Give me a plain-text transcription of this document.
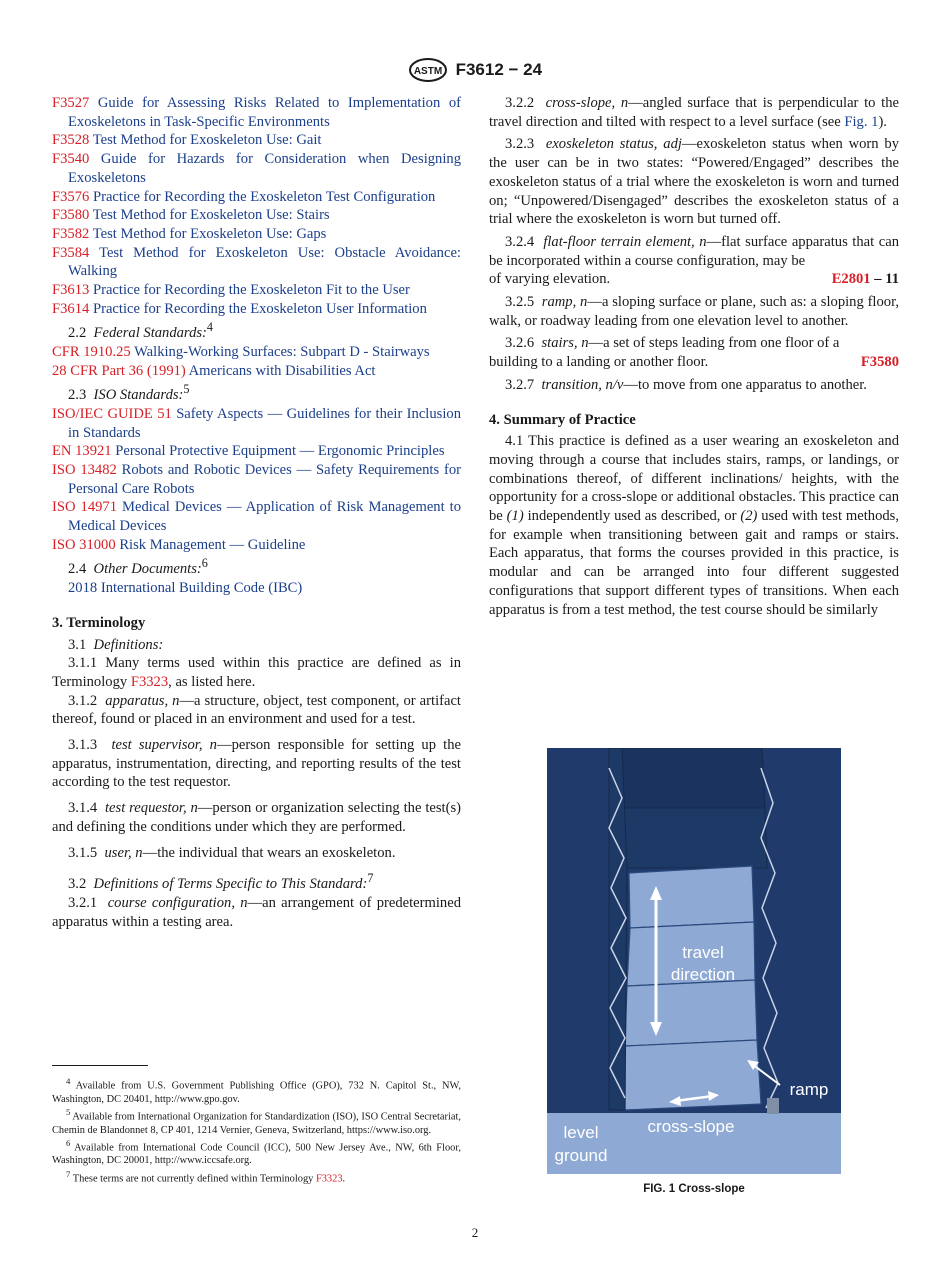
ASTM F3612 − 24
F3527 Guide for Assessing Risks Related to Implementation of Exoskeletons in Task-Specific Environments
F3528 Test Method for Exoskeleton Use: Gait
F3540 Guide for Hazards for Consideration when Designing Exoskeletons
F3576 Practice for Recording the Exoskeleton Test Configuration
F3580 Test Method for Exoskeleton Use: Stairs
F3582 Test Method for Exoskeleton Use: Gaps
F3584 Test Method for Exoskeleton Use: Obstacle Avoidance: Walking
F3613 Practice for Recording the Exoskeleton Fit to the User
F3614 Practice for Recording the Exoskeleton User Information
2.2 Federal Standards:$^4$
CFR 1910.25 Walking-Working Surfaces: Subpart D - Stairways
28 CFR Part 36 (1991) Americans with Disabilities Act
2.3 ISO Standards:$^5$
ISO/IEC GUIDE 51 Safety Aspects — Guidelines for their Inclusion in Standards
EN 13921 Personal Protective Equipment — Ergonomic Principles
ISO 13482 Robots and Robotic Devices — Safety Requirements for Personal Care Robots
ISO 14971 Medical Devices — Application of Risk Management to Medical Devices
ISO 31000 Risk Management — Guideline
2.4 Other Documents:$^6$
2018 International Building Code (IBC)
3. Terminology
3.1 Definitions:
3.1.1 Many terms used within this practice are defined as in Terminology F3323, as listed here.
3.1.2 apparatus, n—a structure, object, test component, or artifact thereof, found or placed in an environment and used for a test.
3.1.3 test supervisor, n—person responsible for setting up the apparatus, instrumentation, directing, and reporting results of the test according to the test requestor.
3.1.4 test requestor, n—person or organization selecting the test(s) and defining the conditions under which they are performed.
3.1.5 user, n—the individual that wears an exoskeleton.
3.2 Definitions of Terms Specific to This Standard:$^7$
3.2.1 course configuration, n—an arrangement of predetermined apparatus within a testing area.
3.2.2 cross-slope, n—angled surface that is perpendicular to the travel direction and tilted with respect to a level surface (see Fig. 1).
3.2.3 exoskeleton status, adj—exoskeleton status when worn by the user can be in two states: “Powered/Engaged” describes the exoskeleton status of a trial where the exoskeleton is worn and turned on; “Unpowered/Disengaged” describes the exoskeleton status of a trial where the exoskeleton is worn but turned off.
3.2.4 flat-floor terrain element, n—flat surface apparatus that can be incorporated within a course configuration, may be
of varying elevation.	E2801 – 11
3.2.5 ramp, n—a sloping surface or plane, such as: a sloping floor, walk, or roadway leading from one elevation level to another.
3.2.6 stairs, n—a set of steps leading from one floor of a
building to a landing or another floor.	F3580
3.2.7 transition, n/v—to move from one apparatus to another.
4. Summary of Practice
4.1 This practice is defined as a user wearing an exoskeleton and moving through a course that includes stairs, ramps, or landings, or combinations thereof, of different inclinations/ heights, with the opportunity for a cross-slope or additional obstacles. This practice can be (1) independently used as described, or (2) used with test methods, for example when transitioning between gait and ramps or stairs. Each apparatus, that forms the courses provided in this practice, is modular and can be arranged into four different suggested configurations that support different types of transitions. When each apparatus is from a test method, the test course should be similarly
travel
direction
ramp
cross-slope
level
ground
FIG. 1 Cross-slope
$^4$ Available from U.S. Government Publishing Office (GPO), 732 N. Capitol St., NW, Washington, DC 20401, http://www.gpo.gov.
$^5$ Available from International Organization for Standardization (ISO), ISO Central Secretariat, Chemin de Blandonnet 8, CP 401, 1214 Vernier, Geneva, Switzerland, https://www.iso.org.
$^6$ Available from International Code Council (ICC), 500 New Jersey Ave., NW, 6th Floor, Washington, DC 20001, http://www.iccsafe.org.
$^7$ These terms are not currently defined within Terminology F3323.
2
